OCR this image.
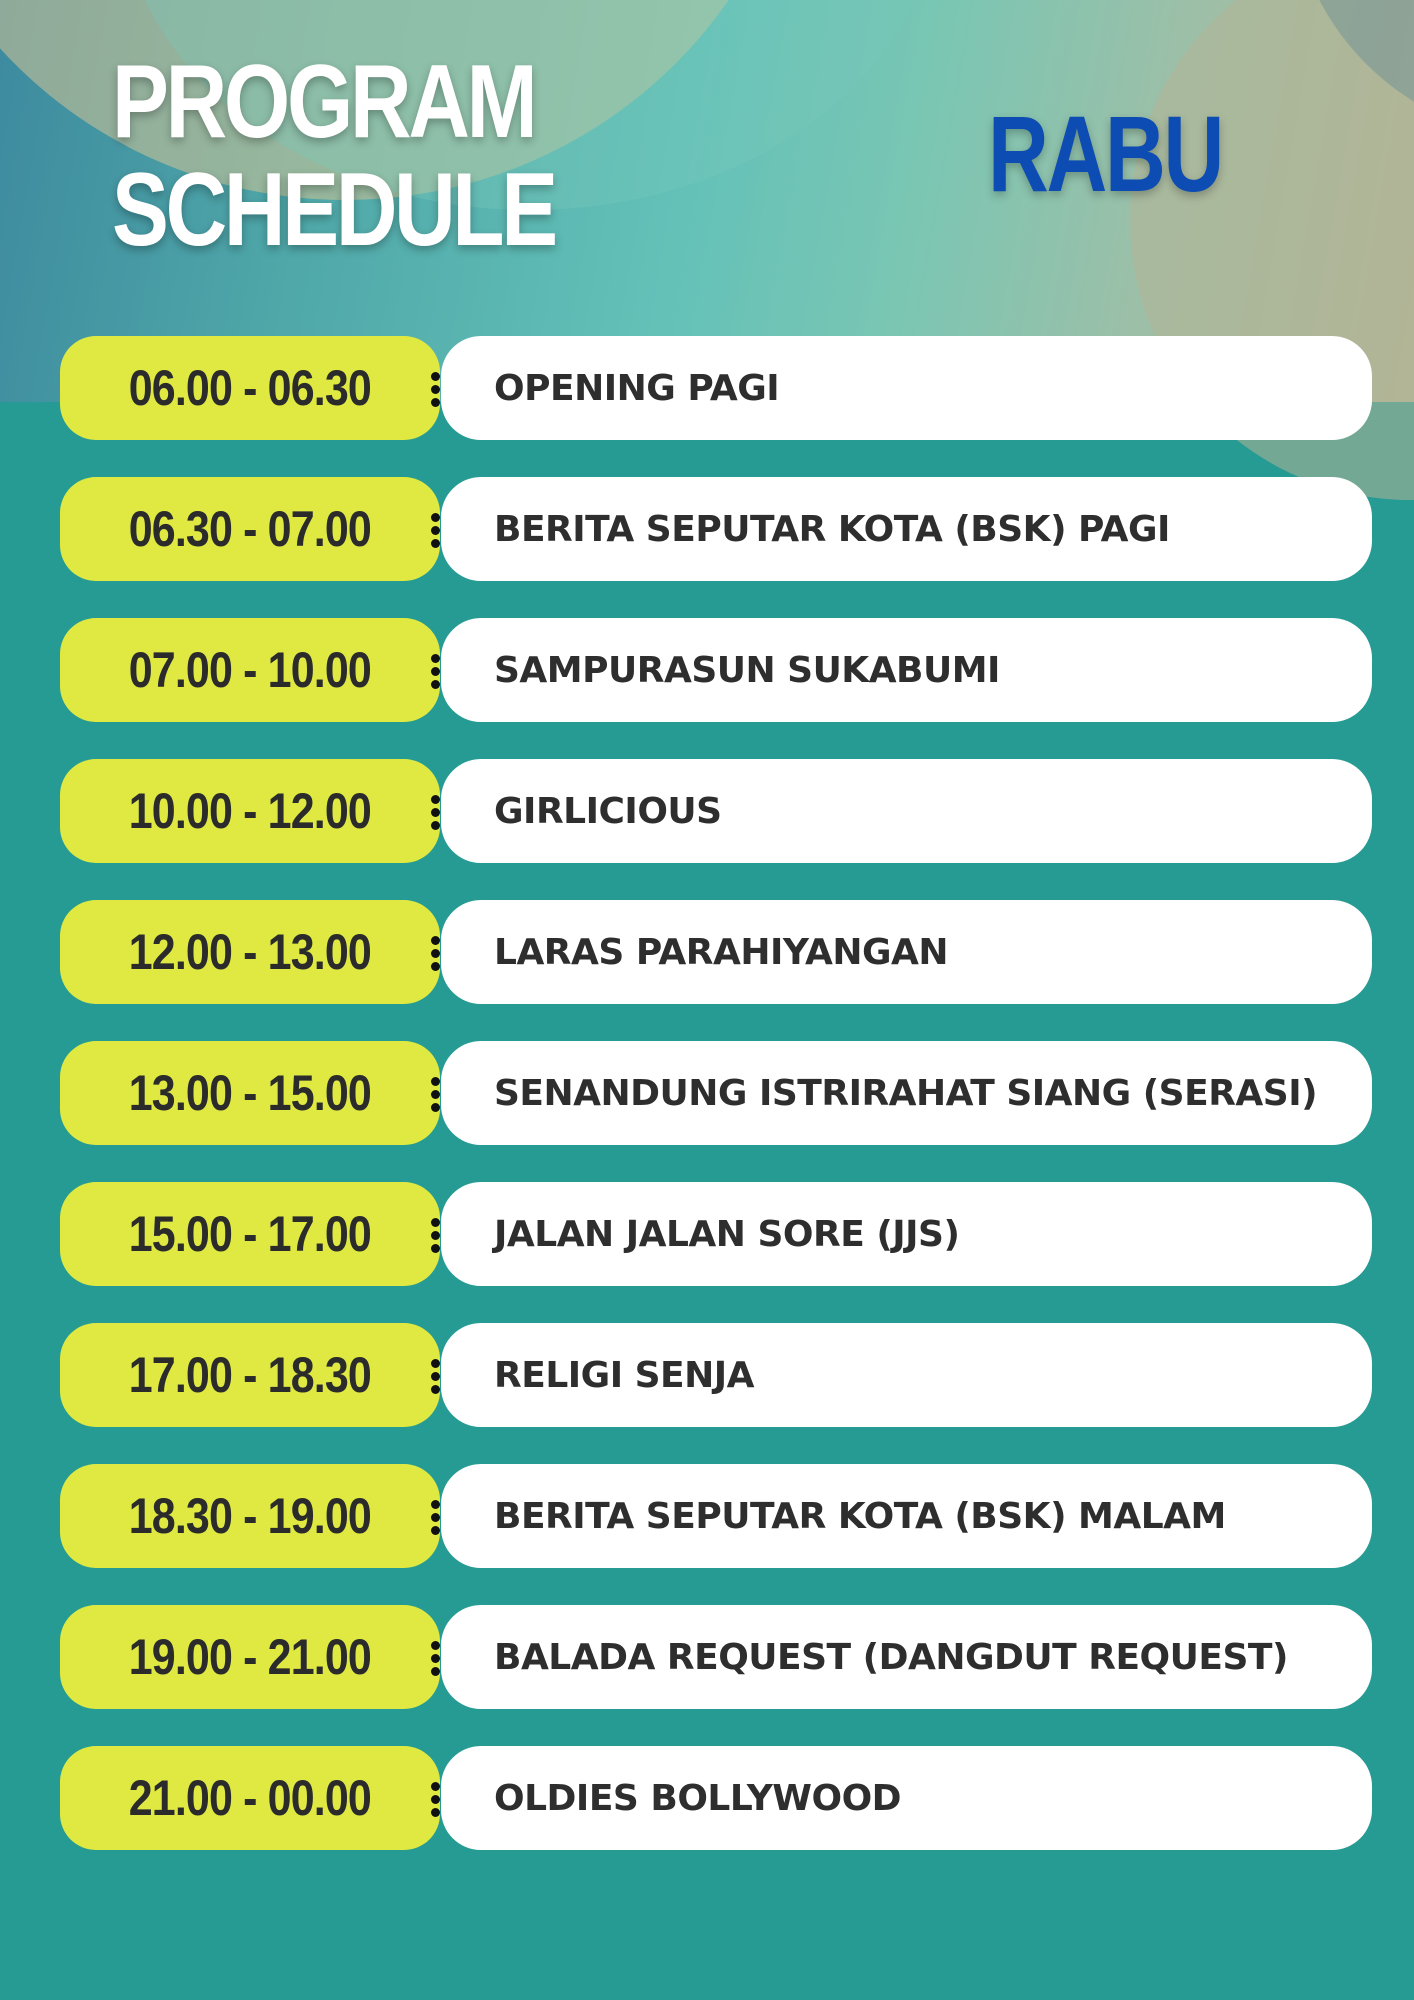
PROGRAM
SCHEDULE	RABU
06.00 - 06.30	OPENING PAGI
06.30 - 07.00	BERITA SEPUTAR KOTA (BSK) PAGI
07.00 - 10.00	SAMPURASUN SUKABUMI
10.00 - 12.00	GIRLICIOUS
12.00 - 13.00	LARAS PARAHIYANGAN
13.00 - 15.00	SENANDUNG ISTRIRAHAT SIANG (SERASI)
15.00 - 17.00	JALAN JALAN SORE (JJS)
17.00 - 18.30	RELIGI SENJA
18.30 - 19.00	BERITA SEPUTAR KOTA (BSK) MALAM
19.00 - 21.00	BALADA REQUEST (DANGDUT REQUEST)
21.00 - 00.00	OLDIES BOLLYWOOD
